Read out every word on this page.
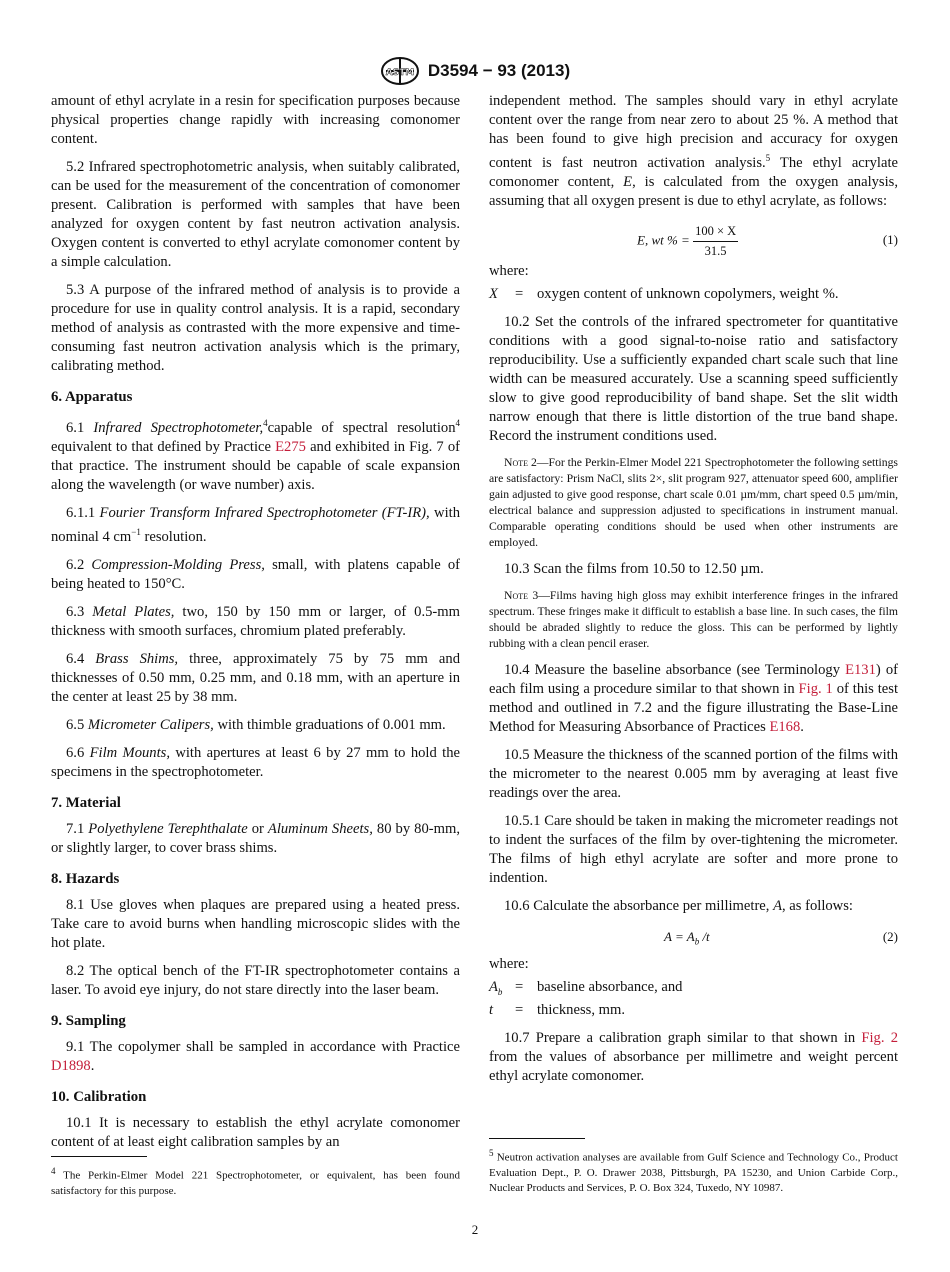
ASTM D3594 − 93 (2013)

amount of ethyl acrylate in a resin for specification purposes because physical properties change rapidly with increasing comonomer content.

5.2 Infrared spectrophotometric analysis, when suitably calibrated, can be used for the measurement of the concentration of comonomer present. Calibration is performed with samples that have been analyzed for oxygen content by fast neutron activation analysis. Oxygen content is converted to ethyl acrylate comonomer content by a simple calculation.

5.3 A purpose of the infrared method of analysis is to provide a procedure for use in quality control analysis. It is a rapid, secondary method of analysis as contrasted with the more expensive and time-consuming fast neutron activation analysis which is the primary, calibrating method.

6. Apparatus

6.1 Infrared Spectrophotometer,$^4$capable of spectral resolution$^4$ equivalent to that defined by Practice E275 and exhibited in Fig. 7 of that practice. The instrument should be capable of scale expansion along the wavelength (or wave number) axis.

6.1.1 Fourier Transform Infrared Spectrophotometer (FT-IR), with nominal 4 $cm^{-1}$ resolution.

6.2 Compression-Molding Press, small, with platens capable of being heated to 150°C.

6.3 Metal Plates, two, 150 by 150 mm or larger, of 0.5-mm thickness with smooth surfaces, chromium plated preferably.

6.4 Brass Shims, three, approximately 75 by 75 mm and thicknesses of 0.50 mm, 0.25 mm, and 0.18 mm, with an aperture in the center at least 25 by 38 mm.

6.5 Micrometer Calipers, with thimble graduations of 0.001 mm.

6.6 Film Mounts, with apertures at least 6 by 27 mm to hold the specimens in the spectrophotometer.

7. Material

7.1 Polyethylene Terephthalate or Aluminum Sheets, 80 by 80-mm, or slightly larger, to cover brass shims.

8. Hazards

8.1 Use gloves when plaques are prepared using a heated press. Take care to avoid burns when handling microscopic slides with the hot plate.

8.2 The optical bench of the FT-IR spectrophotometer contains a laser. To avoid eye injury, do not stare directly into the laser beam.

9. Sampling

9.1 The copolymer shall be sampled in accordance with Practice D1898.

10. Calibration

10.1 It is necessary to establish the ethyl acrylate comonomer content of at least eight calibration samples by an

$^4$ The Perkin-Elmer Model 221 Spectrophotometer, or equivalent, has been found satisfactory for this purpose.

independent method. The samples should vary in ethyl acrylate content over the range from near zero to about 25 %. A method that has been found to give high precision and accuracy for oxygen content is fast neutron activation analysis.$^5$ The ethyl acrylate comonomer content, E, is calculated from the oxygen analysis, assuming that all oxygen present is due to ethyl acrylate, as follows:

E, wt % = $\frac{100 \times X}{31.5}$	(1)

where:

X	= oxygen content of unknown copolymers, weight %.

10.2 Set the controls of the infrared spectrometer for quantitative conditions with a good signal-to-noise ratio and satisfactory reproducibility. Use a sufficiently expanded chart scale such that line width can be measured accurately. Use a scanning speed sufficiently slow to give good reproducibility of band shape. Set the slit width narrow enough that there is little distortion of the true band shape. Record the instrument conditions used.

Note 2—For the Perkin-Elmer Model 221 Spectrophotometer the following settings are satisfactory: Prism NaCl, slits 2×, slit program 927, attenuator speed 600, amplifier gain adjusted to give good response, chart scale 0.01 µm/mm, chart speed 0.5 µm/min, electrical balance and suppression adjusted to specifications in instrument manual. Comparable operating conditions should be used when other instruments are employed.

10.3 Scan the films from 10.50 to 12.50 µm.

Note 3—Films having high gloss may exhibit interference fringes in the infrared spectrum. These fringes make it difficult to establish a base line. In such cases, the film should be abraded slightly to reduce the gloss. This can be performed by lightly rubbing with a clean pencil eraser.

10.4 Measure the baseline absorbance (see Terminology E131) of each film using a procedure similar to that shown in Fig. 1 of this test method and outlined in 7.2 and the figure illustrating the Base-Line Method for Measuring Absorbance of Practices E168.

10.5 Measure the thickness of the scanned portion of the films with the micrometer to the nearest 0.005 mm by averaging at least five readings over the area.

10.5.1 Care should be taken in making the micrometer readings not to indent the surfaces of the film by over-tightening the micrometer. The films of high ethyl acrylate are softer and more prone to indention.

10.6 Calculate the absorbance per millimetre, A, as follows:

$A = A_b$ /t	(2)

where:

$A_b$ = baseline absorbance, and
t	= thickness, mm.

10.7 Prepare a calibration graph similar to that shown in Fig. 2 from the values of absorbance per millimetre and weight percent ethyl acrylate comonomer.

$^5$ Neutron activation analyses are available from Gulf Science and Technology Co., Product Evaluation Dept., P. O. Drawer 2038, Pittsburgh, PA 15230, and Union Carbide Corp., Nuclear Products and Services, P. O. Box 324, Tuxedo, NY 10987.
2
